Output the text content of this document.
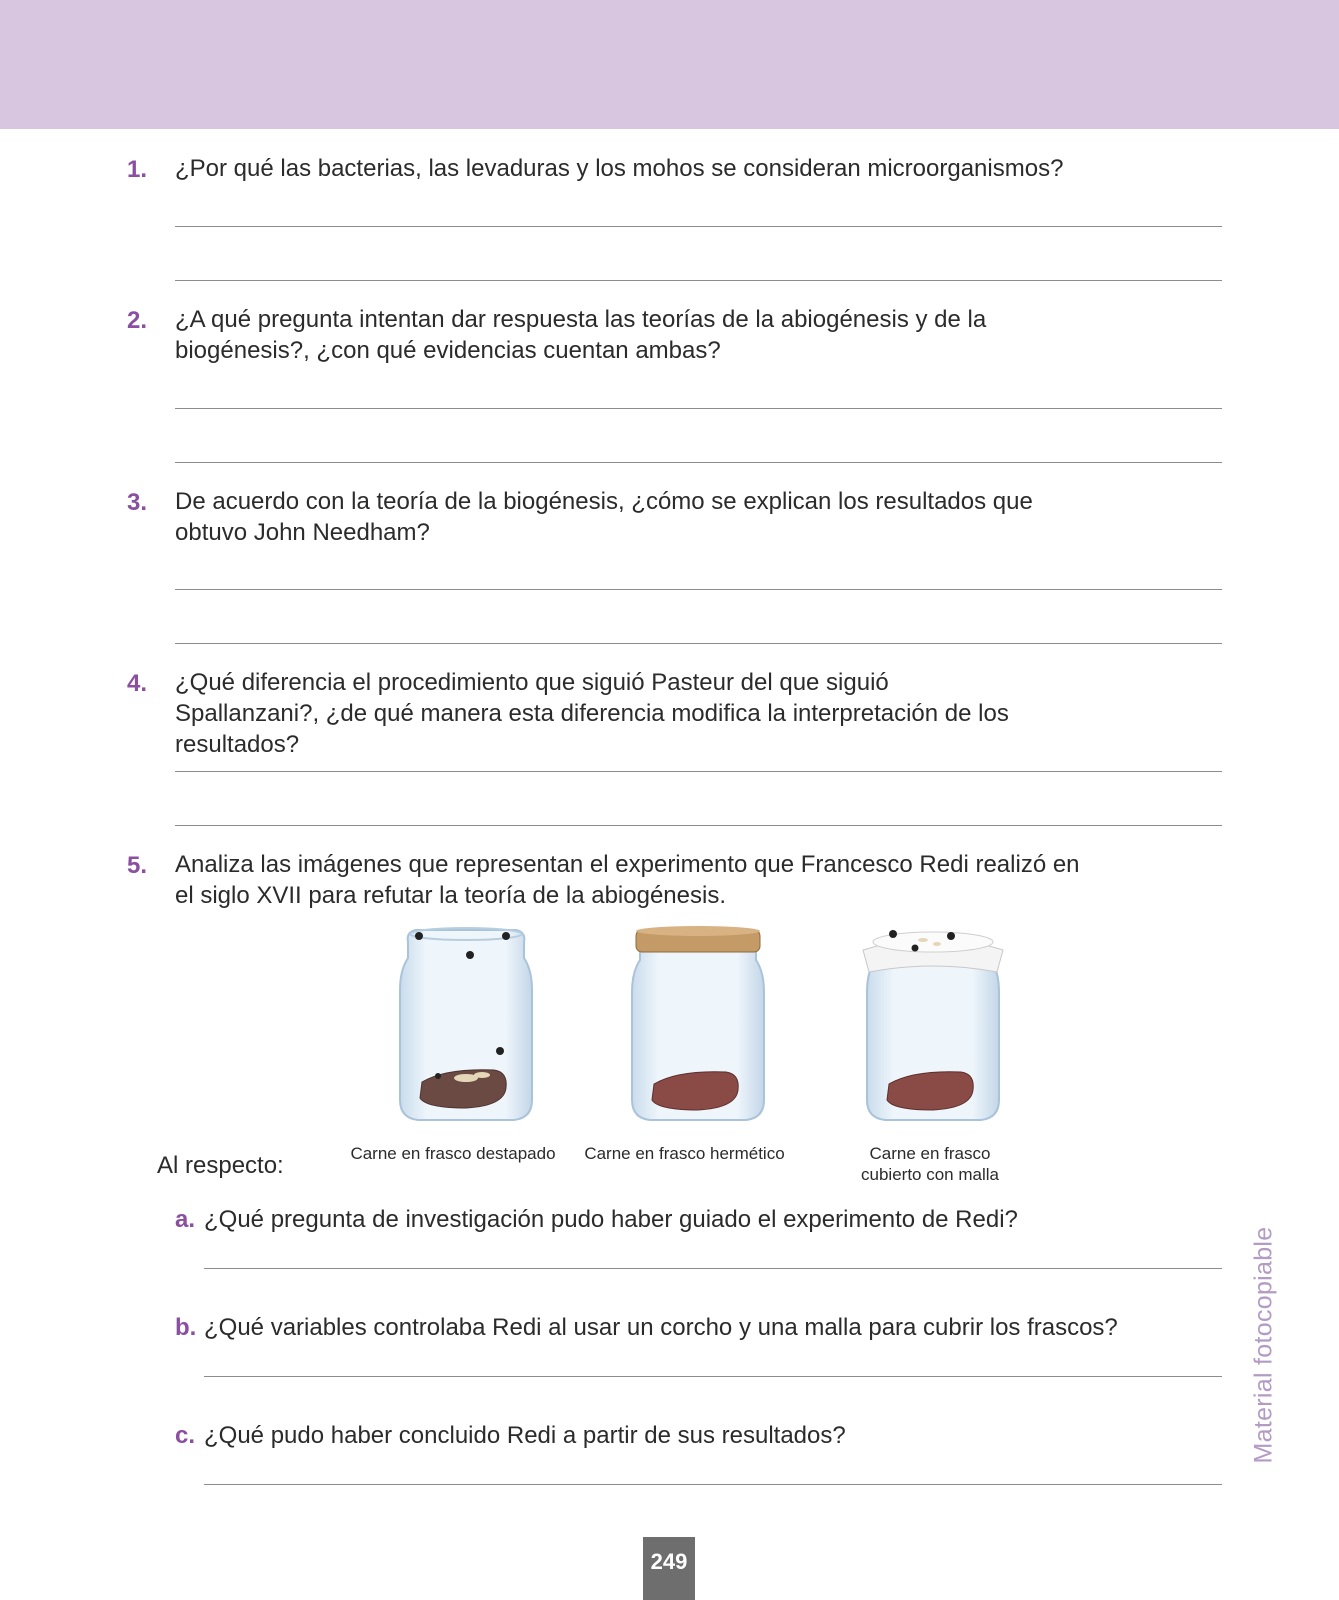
1. ¿Por qué las bacterias, las levaduras y los mohos se consideran microorganismos?
2. ¿A qué pregunta intentan dar respuesta las teorías de la abiogénesis y de la biogénesis?, ¿con qué evidencias cuentan ambas?
3. De acuerdo con la teoría de la biogénesis, ¿cómo se explican los resultados que obtuvo John Needham?
4. ¿Qué diferencia el procedimiento que siguió Pasteur del que siguió Spallanzani?, ¿de qué manera esta diferencia modifica la interpretación de los resultados?
5. Analiza las imágenes que representan el experimento que Francesco Redi realizó en el siglo XVII para refutar la teoría de la abiogénesis.
Carne en frasco destapado Carne en frasco hermético	Carne en frasco cubierto con malla
Al respecto:
a. ¿Qué pregunta de investigación pudo haber guiado el experimento de Redi?
b. ¿Qué variables controlaba Redi al usar un corcho y una malla para cubrir los frascos?
c. ¿Qué pudo haber concluido Redi a partir de sus resultados?	Material fotocopiable
249
